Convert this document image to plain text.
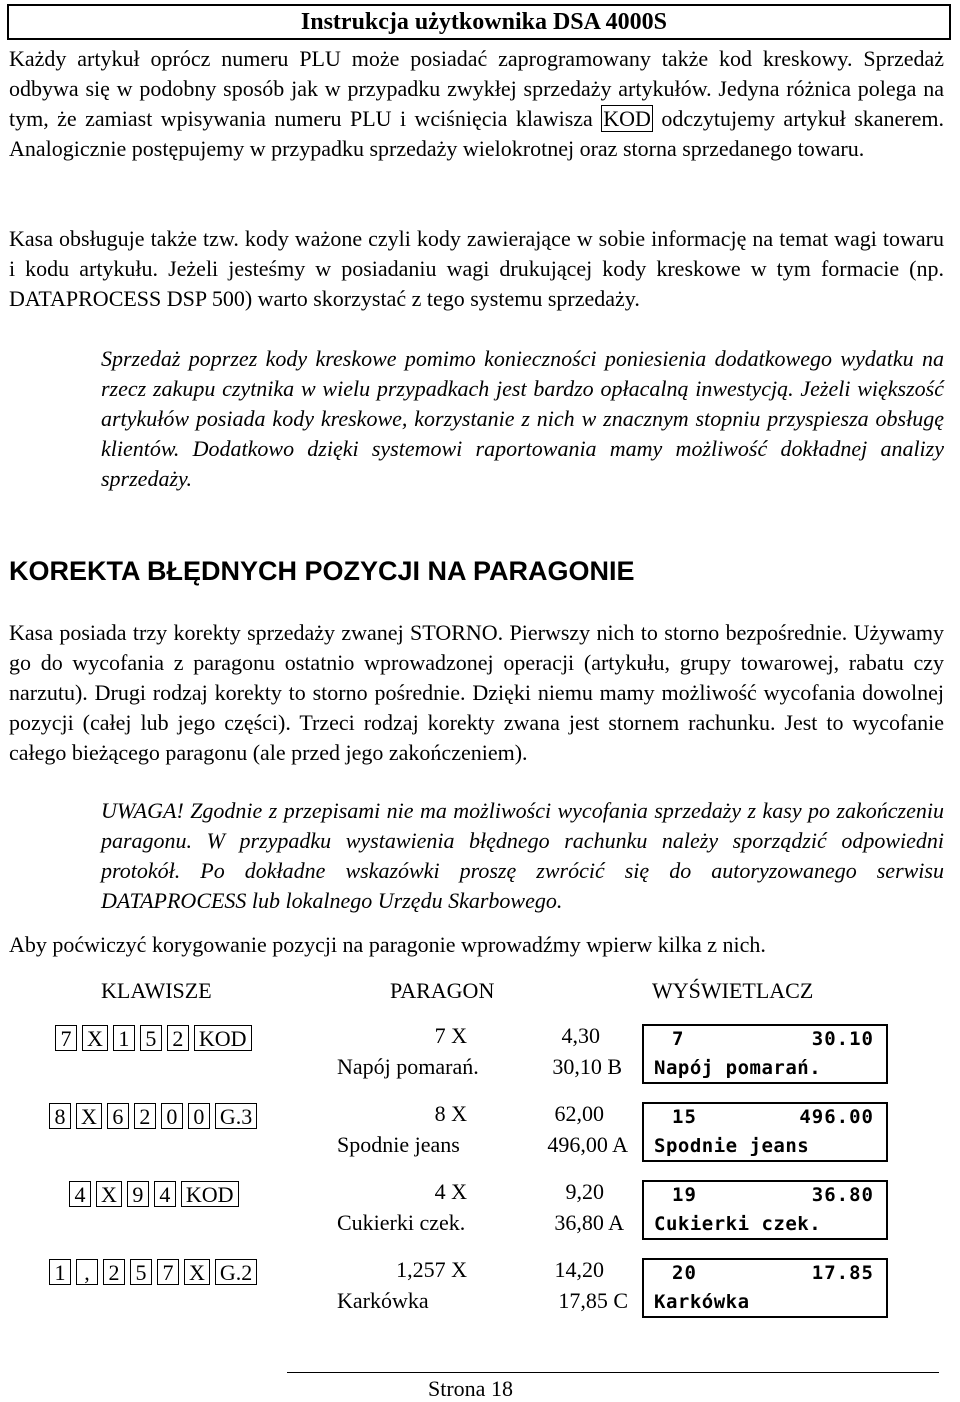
Instrukcja użytkownika DSA 4000S
Każdy artykuł oprócz numeru PLU może posiadać zaprogramowany także kod kreskowy. Sprzedaż odbywa się w podobny sposób jak w przypadku zwykłej sprzedaży artykułów. Jedyna różnica polega na tym, że zamiast wpisywania numeru PLU i wciśnięcia klawisza KOD odczytujemy artykuł skanerem. Analogicznie postępujemy w przypadku sprzedaży wielokrotnej oraz storna sprzedanego towaru.
Kasa obsługuje także tzw. kody ważone czyli kody zawierające w sobie informację na temat wagi towaru i kodu artykułu. Jeżeli jesteśmy w posiadaniu wagi drukującej kody kreskowe w tym formacie (np. DATAPROCESS DSP 500) warto skorzystać z tego systemu sprzedaży.
Sprzedaż poprzez kody kreskowe pomimo konieczności poniesienia dodatkowego wydatku na rzecz zakupu czytnika w wielu przypadkach jest bardzo opłacalną inwestycją. Jeżeli większość artykułów posiada kody kreskowe, korzystanie z nich w znacznym stopniu przyspiesza obsługę klientów. Dodatkowo dzięki systemowi raportowania mamy możliwość dokładnej analizy sprzedaży.
KOREKTA BŁĘDNYCH POZYCJI NA PARAGONIE
Kasa posiada trzy korekty sprzedaży zwanej STORNO. Pierwszy nich to storno bezpośrednie. Używamy go do wycofania z paragonu ostatnio wprowadzonej operacji (artykułu, grupy towarowej, rabatu czy narzutu). Drugi rodzaj korekty to storno pośrednie. Dzięki niemu mamy możliwość wycofania dowolnej pozycji (całej lub jego części). Trzeci rodzaj korekty zwana jest stornem rachunku. Jest to wycofanie całego bieżącego paragonu (ale przed jego zakończeniem).
UWAGA! Zgodnie z przepisami nie ma możliwości wycofania sprzedaży z kasy po zakończeniu paragonu. W przypadku wystawienia błędnego rachunku należy sporządzić odpowiedni protokół. Po dokładne wskazówki proszę zwrócić się do autoryzowanego serwisu DATAPROCESS lub lokalnego Urzędu Skarbowego.
Aby poćwiczyć korygowanie pozycji na paragonie wprowadźmy wpierw kilka z nich.
KLAWISZE	PARAGON	WYŚWIETLACZ
7 X 1 5 2 KOD	7 X	4,30
Napój pomarań.	30,10 B
7	30.10
Napój pomarań.
8 X 6 2 0 0 G.3	8 X	62,00
Spodnie jeans	496,00 A
15	496.00
Spodnie jeans
4 X 9 4 KOD	4 X	9,20
Cukierki czek.	36,80 A
19	36.80
Cukierki czek.
1 , 2 5 7 X G.2	1,257 X	14,20
Karkówka	17,85 C
20	17.85
Karkówka
Strona 18
